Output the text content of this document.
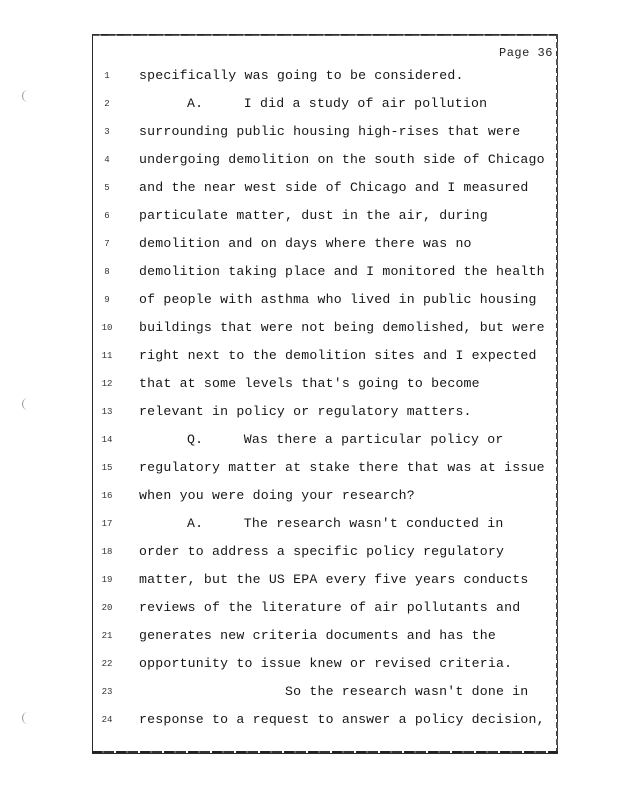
Page 36
1	specifically was going to be considered.
2	A.     I did a study of air pollution
3	surrounding public housing high-rises that were
4	undergoing demolition on the south side of Chicago
5	and the near west side of Chicago and I measured
6	particulate matter, dust in the air, during
7	demolition and on days where there was no
8	demolition taking place and I monitored the health
9	of people with asthma who lived in public housing
10	buildings that were not being demolished, but were
11	right next to the demolition sites and I expected
12	that at some levels that's going to become
13	relevant in policy or regulatory matters.
14	Q.     Was there a particular policy or
15	regulatory matter at stake there that was at issue
16	when you were doing your research?
17	A.     The research wasn't conducted in
18	order to address a specific policy regulatory
19	matter, but the US EPA every five years conducts
20	reviews of the literature of air pollutants and
21	generates new criteria documents and has the
22	opportunity to issue knew or revised criteria.
23	So the research wasn't done in
24	response to a request to answer a policy decision,
